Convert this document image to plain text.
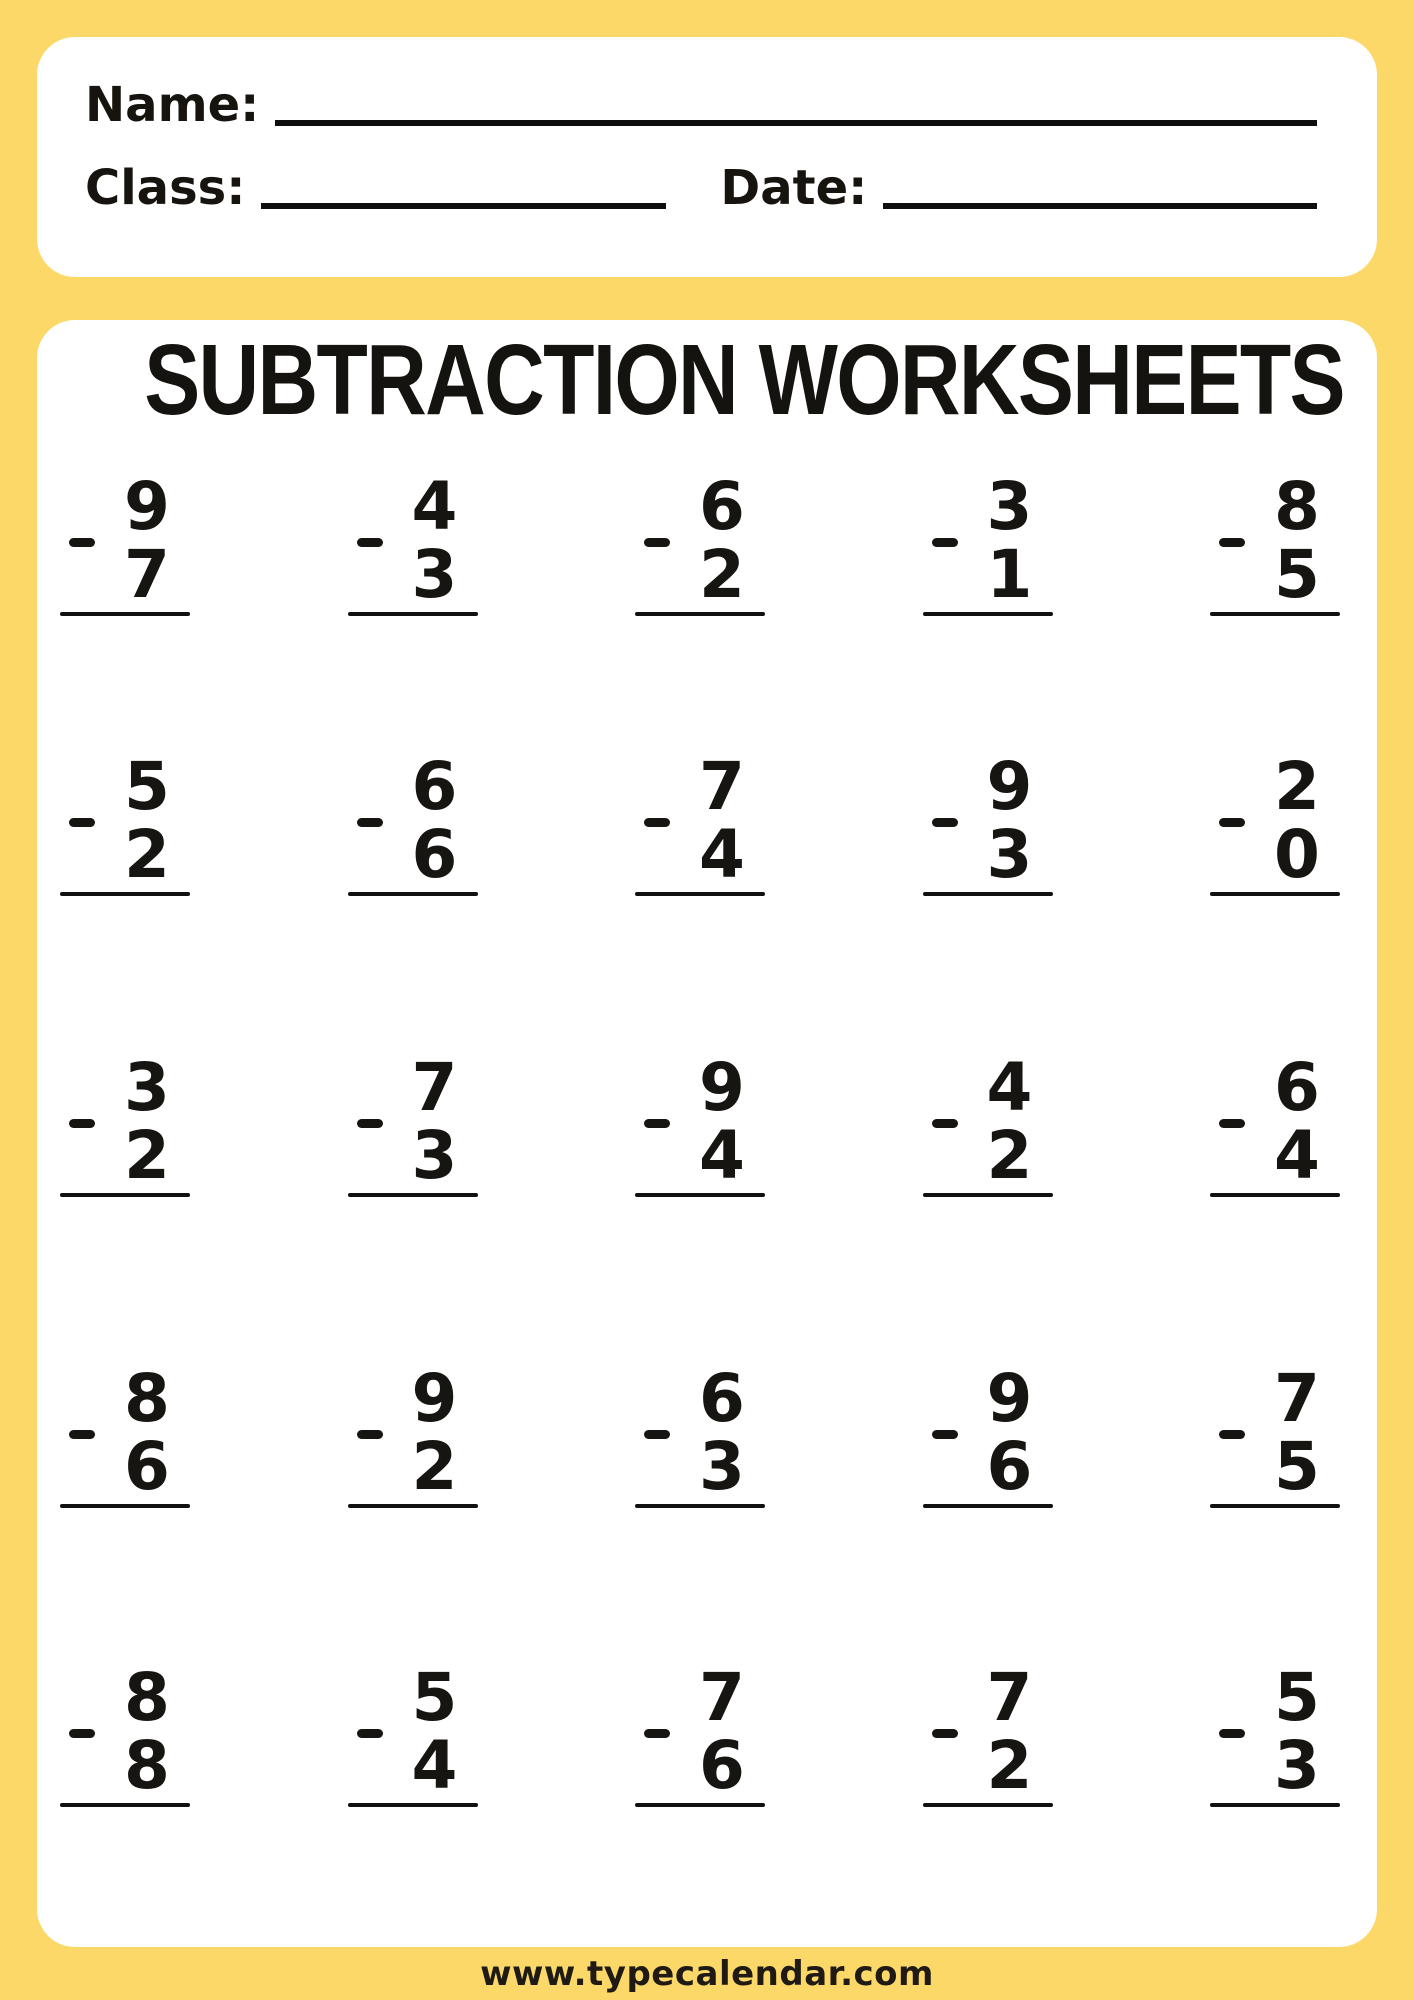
Name:
Class:	Date:
SUBTRACTION WORKSHEETS
9
7
4
3
6
2
3
1
8
5
5
2
6
6
7
4
9
3
2
0
3
2
7
3
9
4
4
2
6
4
8
6
9
2
6
3
9
6
7
5
8
8
5
4
7
6
7
2
5
3
www.typecalendar.com
